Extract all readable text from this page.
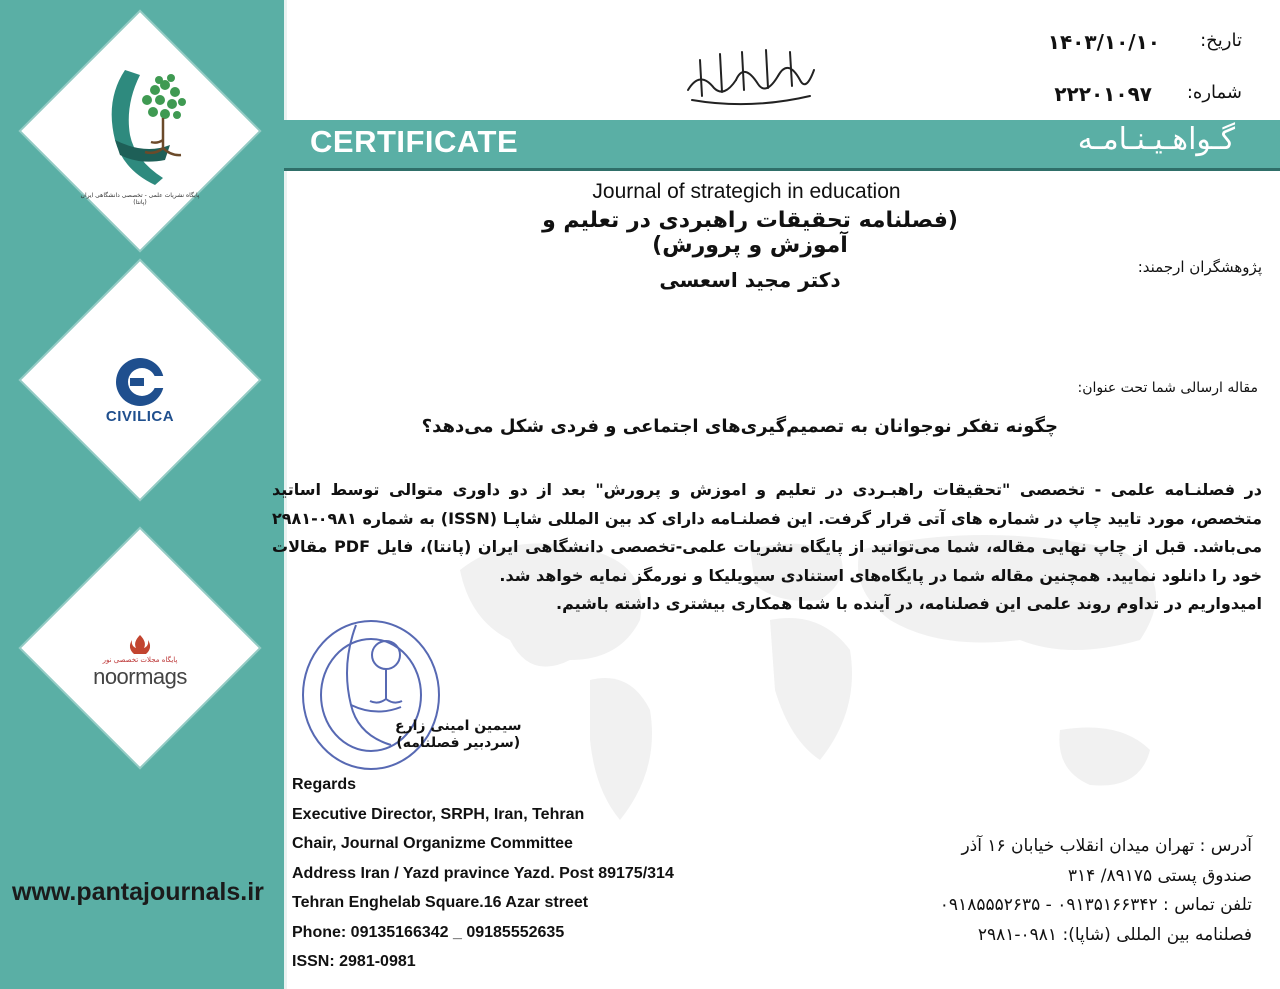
پایگاه نشریات علمی - تخصصی دانشگاهی ایران (پانتا)
CIVILICA
پایگاه مجلات تخصصی نور
noormags
www.pantajournals.ir
تاریخ:
۱۴۰۳/۱۰/۱۰
شماره:
۲۲۲۰۱۰۹۷
CERTIFICATE	گـواهـیـنـامـه
Journal of strategich in education
(فصلنامه تحقیقات راهبردی در تعلیم و آموزش و پرورش)
پژوهشگران ارجمند:
دکتر مجید اسعسی
مقاله ارسالی شما تحت عنوان:
چگونه تفکر نوجوانان به تصمیم‌گیری‌های اجتماعی و فردی شکل می‌دهد؟

در فصلنـامه علمی - تخصصی "تحقیقات راهبـردی در تعلیم و اموزش و پرورش" بعد از دو داوری متوالی توسط اساتید متخصص، مورد تایید چاپ در شماره های آتی قرار گرفت. این فصلنـامه دارای کد بین المللی شاپـا (ISSN) به شماره ۰۹۸۱-۲۹۸۱ می‌باشد. قبل از چاپ نهایی مقاله، شما می‌توانید از پایگاه نشریات علمی-تخصصی دانشگاهی ایران (پانتا)، فایل PDF مقالات خود را دانلود نمایید. همچنین مقاله شما در پایگاه‌های استنادی سیویلیکا و نورمگز نمایه خواهد شد.

امیدواریم در تداوم روند علمی این فصلنامه، در آینده با شما همکاری بیشتری داشته باشیم.

سیمین امینی زارع
(سردبیر فصلنامه)
Regards
Executive Director, SRPH, Iran, Tehran
Chair, Journal Organizme Committee
Address Iran / Yazd pravince Yazd. Post 89175/314
Tehran Enghelab Square.16 Azar street
Phone: 09135166342 _ 09185552635
ISSN: 2981-0981
آدرس : تهران میدان انقلاب خیابان ۱۶ آذر
صندوق پستی ۸۹۱۷۵/ ۳۱۴
تلفن تماس : ۰۹۱۳۵۱۶۶۳۴۲ - ۰۹۱۸۵۵۵۲۶۳۵
فصلنامه بین المللی (شاپا): ۰۹۸۱-۲۹۸۱
